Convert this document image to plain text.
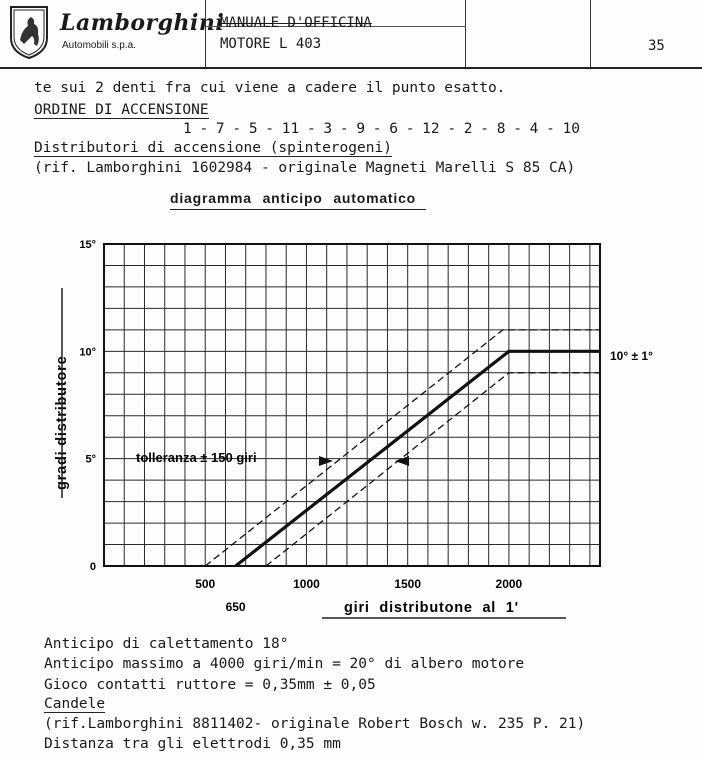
Lamborghini
Automobili s.p.a.
MANUALE D'OFFICINA
MOTORE L 403	35
te sui 2 denti fra cui viene a cadere il punto esatto.
ORDINE DI ACCENSIONE
1 - 7 - 5 - 11 - 3 - 9 - 6 - 12 - 2 - 8 - 4 - 10
Distributori di accensione (spinterogeni)
(rif. Lamborghini 1602984 - originale Magneti Marelli S 85 CA)
diagramma anticipo automatico
500	1000	1500	2000
650
0
5°
10°
15°
gradi distributore
giri  distributone  al  1'
tolleranza ± 150 giri
10° ± 1°
Anticipo di calettamento 18°
Anticipo massimo a 4000 giri/min = 20° di albero motore
Gioco contatti ruttore = 0,35mm ± 0,05
Candele
(rif.Lamborghini 8811402- originale Robert Bosch w. 235 P. 21)
Distanza tra gli elettrodi 0,35 mm
